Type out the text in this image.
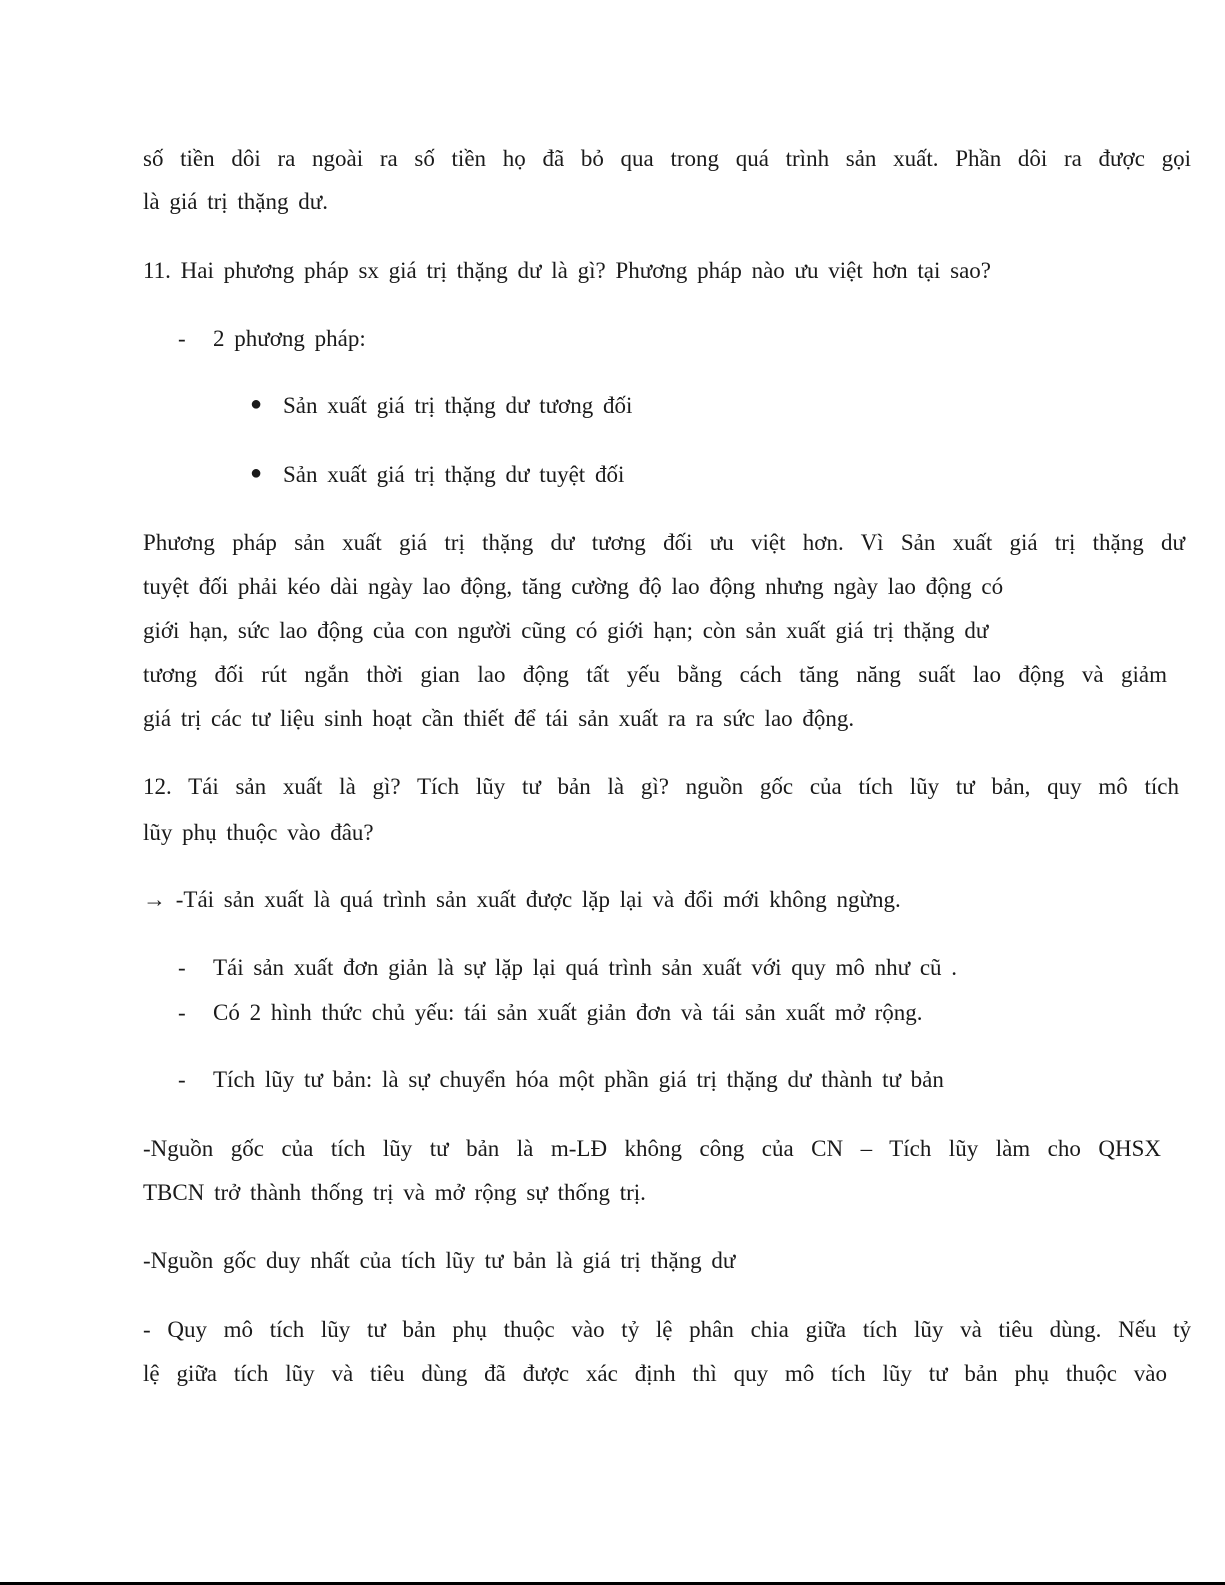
số tiền dôi ra ngoài ra số tiền họ đã bỏ qua trong quá trình sản xuất. Phần dôi ra được gọi
là giá trị thặng dư.
11. Hai phương pháp sx giá trị thặng dư là gì? Phương pháp nào ưu việt hơn tại sao?
- 2 phương pháp:
● Sản xuất giá trị thặng dư tương đối
● Sản xuất giá trị thặng dư tuyệt đối
Phương pháp sản xuất giá trị thặng dư tương đối ưu việt hơn. Vì Sản xuất giá trị thặng dư
tuyệt đối phải kéo dài ngày lao động, tăng cường độ lao động nhưng ngày lao động có
giới hạn, sức lao động của con người cũng có giới hạn; còn sản xuất giá trị thặng dư
tương đối rút ngắn thời gian lao động tất yếu bằng cách tăng năng suất lao động và giảm
giá trị các tư liệu sinh hoạt cần thiết để tái sản xuất ra ra sức lao động.
12. Tái sản xuất là gì? Tích lũy tư bản là gì? nguồn gốc của tích lũy tư bản, quy mô tích
lũy phụ thuộc vào đâu?
→ -Tái sản xuất là quá trình sản xuất được lặp lại và đổi mới không ngừng.
- Tái sản xuất đơn giản là sự lặp lại quá trình sản xuất với quy mô như cũ .
- Có 2 hình thức chủ yếu: tái sản xuất giản đơn và tái sản xuất mở rộng.
- Tích lũy tư bản: là sự chuyển hóa một phần giá trị thặng dư thành tư bản
-Nguồn gốc của tích lũy tư bản là m-LĐ không công của CN – Tích lũy làm cho QHSX
TBCN trở thành thống trị và mở rộng sự thống trị.
-Nguồn gốc duy nhất của tích lũy tư bản là giá trị thặng dư
- Quy mô tích lũy tư bản phụ thuộc vào tỷ lệ phân chia giữa tích lũy và tiêu dùng. Nếu tỷ
lệ giữa tích lũy và tiêu dùng đã được xác định thì quy mô tích lũy tư bản phụ thuộc vào
